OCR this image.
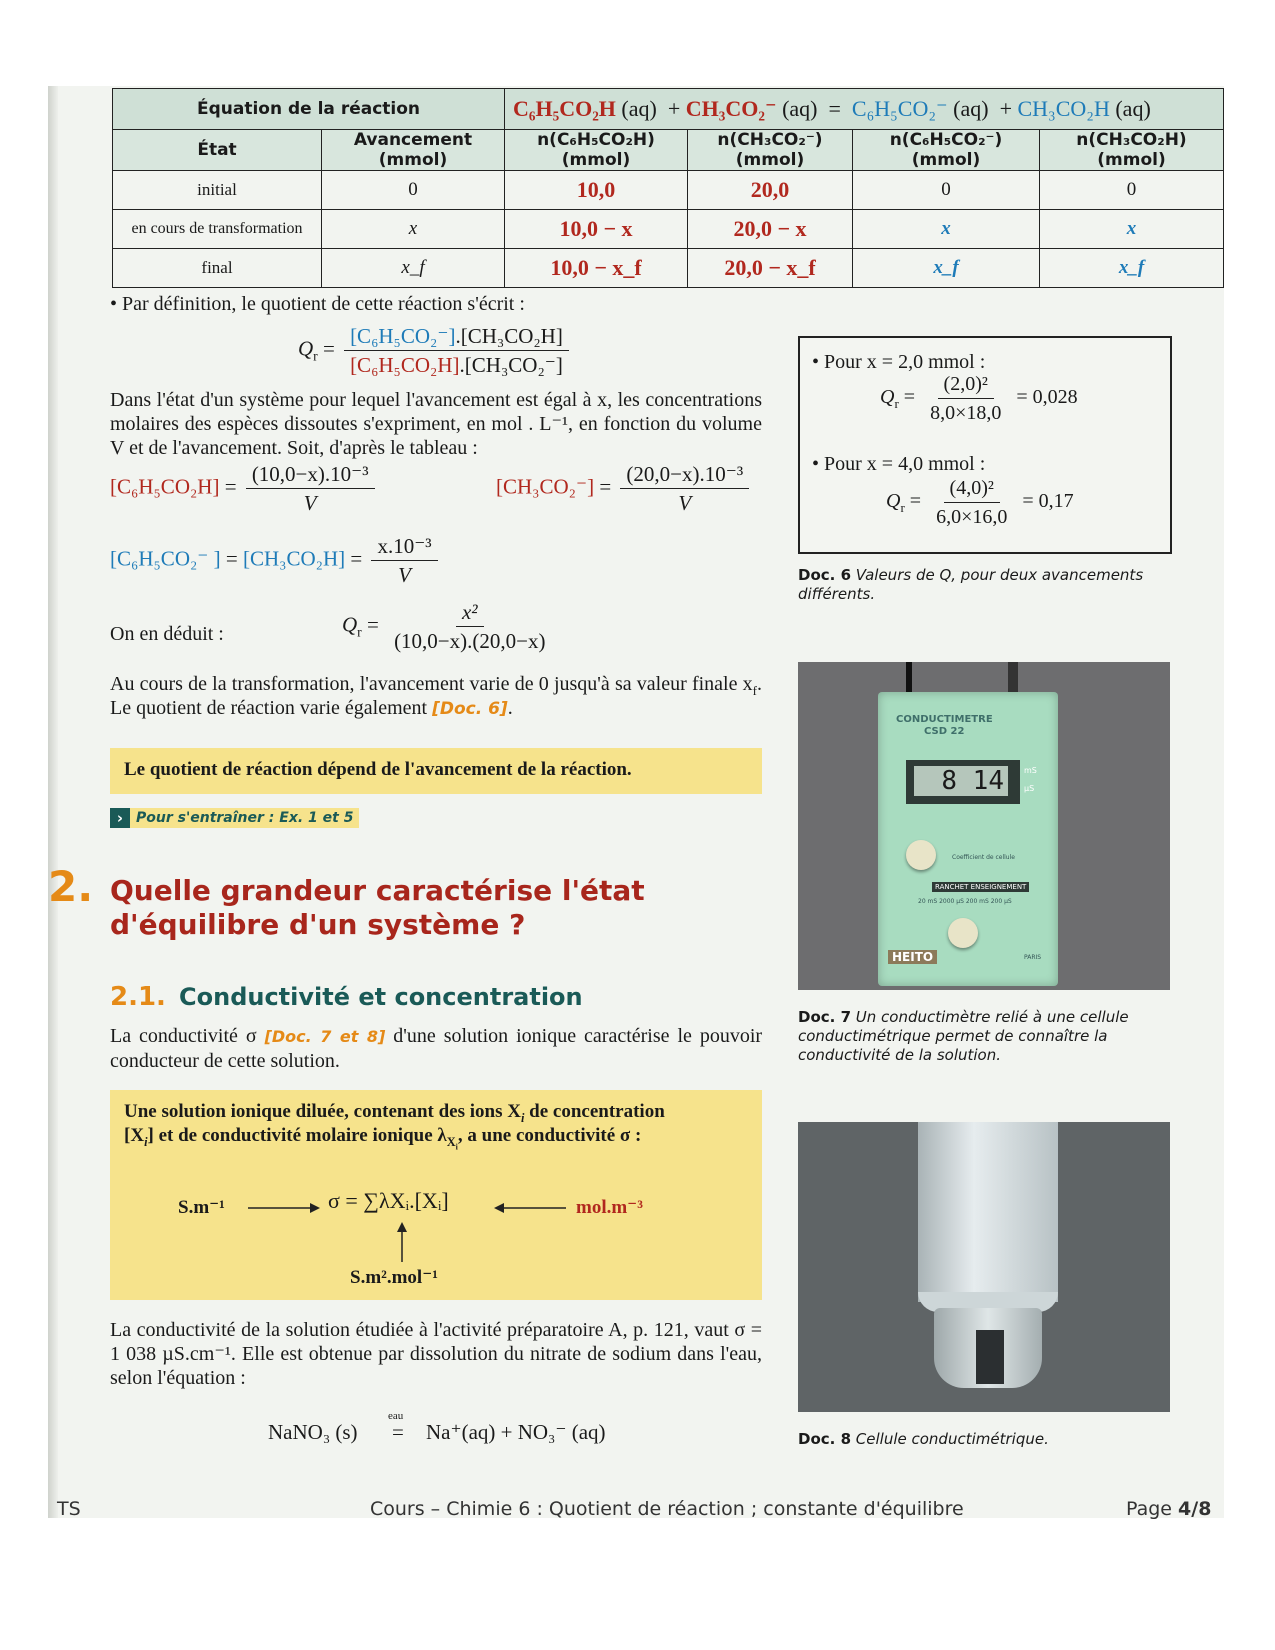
Équation de la réaction		C₆H₅CO₂H (aq) + CH₃CO₂⁻ (aq) = C₆H₅CO₂⁻ (aq) + CH₃CO₂H (aq)			
État	Avancement (mmol)	n(C₆H₅CO₂H) (mmol)	n(CH₃CO₂⁻) (mmol)	n(C₆H₅CO₂⁻) (mmol)	n(CH₃CO₂H) (mmol)
initial	0	10,0	20,0	0	0
en cours de transformation	x	10,0 − x	20,0 − x	x	x
final	x_f	10,0 − x_f	20,0 − x_f	x_f	x_f
• Par définition, le quotient de cette réaction s'écrit :
$Q_r = \frac{\text{[C₆H₅CO₂⁻].[CH₃CO₂H]}}{\text{[C₆H₅CO₂H].[CH₃CO₂⁻]}}$
Dans l'état d'un système pour lequel l'avancement est égal à x, les concentrations molaires des espèces dissoutes s'expriment, en mol . L⁻¹, en fonction du volume V et de l'avancement. Soit, d'après le tableau :
$[C_6H_5CO_2H] = \frac{\text{(10,0−x).10⁻³}}{V}$	$[CH_3CO_2^-] = \frac{\text{(20,0−x).10⁻³}}{V}$
[C₆H₅CO₂⁻ ] = $[CH_3CO_2H] = \frac{\text{x.10⁻³}}{V}$
On en déduit :	$Q_r = \frac{\text{x²}}{(10,0-x).(20,0-x)}$
Au cours de la transformation, l'avancement varie de 0 jusqu'à sa valeur finale $x_f$. Le quotient de réaction varie également [Doc. 6].
Le quotient de réaction dépend de l'avancement de la réaction.
› Pour s'entraîner : Ex. 1 et 5
2. Quelle grandeur caractérise l'état
d'équilibre d'un système ?
2.1. Conductivité et concentration
La conductivité σ [Doc. 7 et 8] d'une solution ionique caractérise le pouvoir conducteur de cette solution.
Une solution ionique diluée, contenant des ions $X_i$ de concentration
$[X_i]$ et de conductivité molaire ionique $\lambda_{X_i}$, a une conductivité σ :
S.m⁻¹	σ = ∑λXᵢ.[Xᵢ]	mol.m⁻³
S.m².mol⁻¹
La conductivité de la solution étudiée à l'activité préparatoire A, p. 121, vaut σ = 1 038 µS.cm⁻¹. Elle est obtenue par dissolution du nitrate de sodium dans l'eau, selon l'équation :
NaNO₃ (s)
eau
= Na⁺(aq) + NO₃⁻ (aq)
• Pour x = 2,0 mmol :
$Q_r = \frac{\text{(2,0)²}}{8,0\times 18,0} = 0,028$
• Pour x = 4,0 mmol :
$Q_r = \frac{\text{(4,0)²}}{6,0\times 16,0} = 0,17$
Doc. 6 Valeurs de Q, pour deux avancements différents.
CONDUCTIMETRE
CSD 22
8 14	mS
µS
Coefficient de cellule
RANCHET ENSEIGNEMENT
20 mS 2000 µS 200 mS 200 µS
HEITO	PARIS
Doc. 7 Un conductimètre relié à une cellule conductimétrique permet de connaître la conductivité de la solution.
Doc. 8 Cellule conductimétrique.
TS	Cours – Chimie 6 : Quotient de réaction ; constante d'équilibre	Page 4/8
